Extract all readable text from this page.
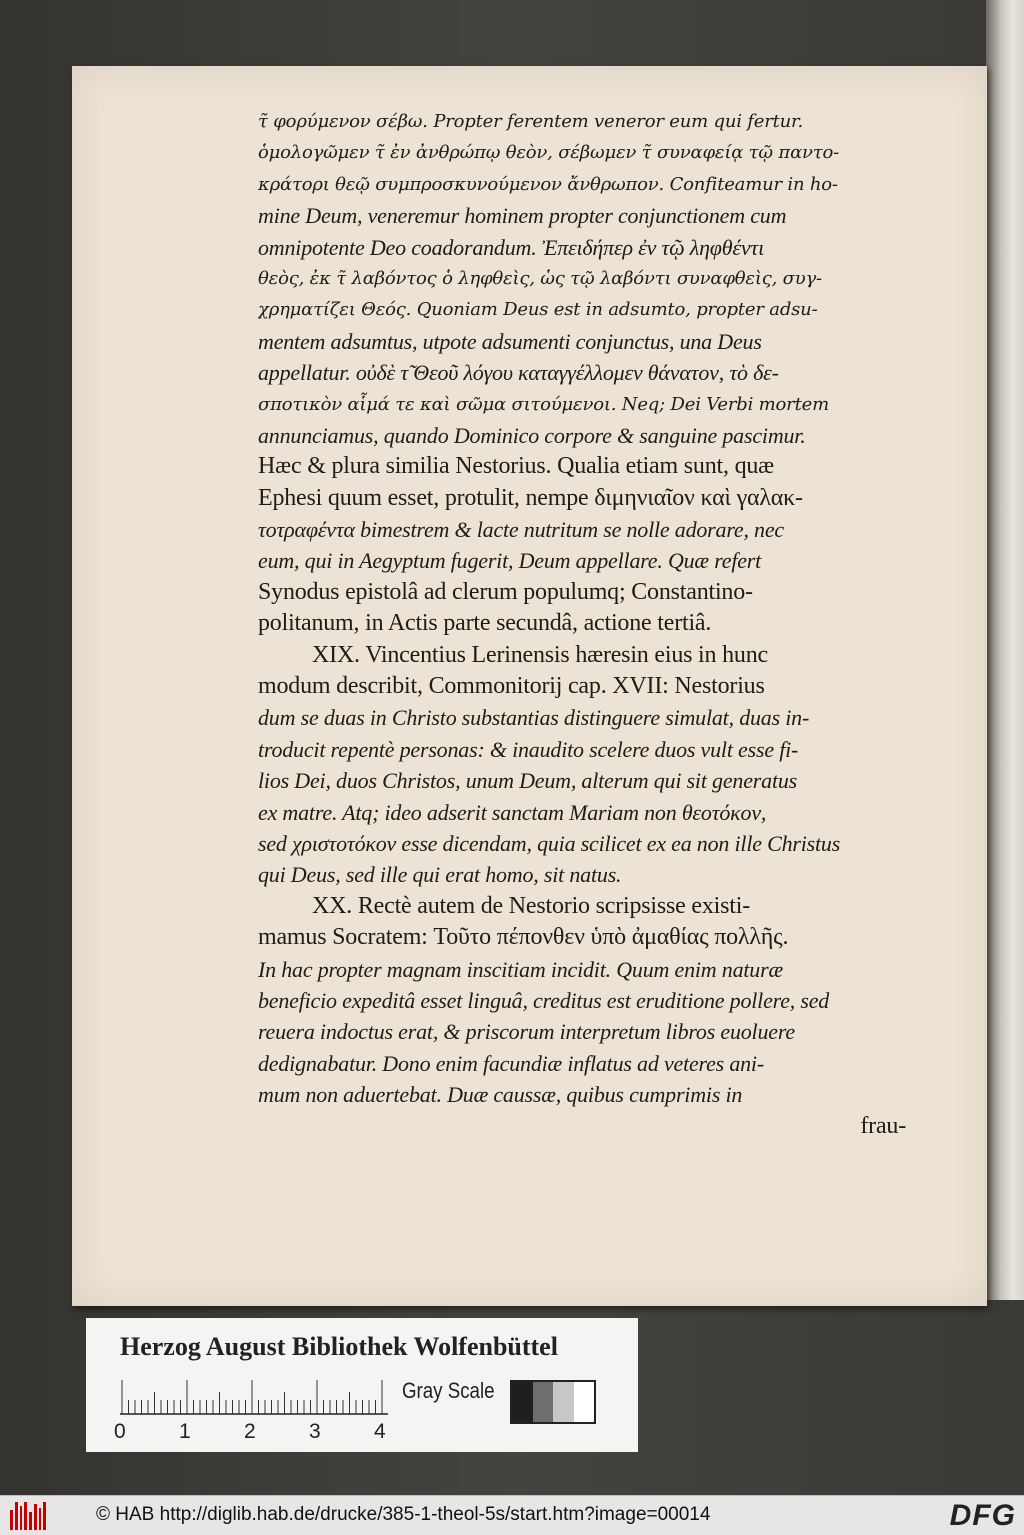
τ̃ φορύμενον σέβω. Propter ferentem veneror eum qui fertur.
ὁμολογῶμεν τ̃ ἐν ἀνθρώπῳ θεὸν, σέβωμεν τ̃ συναφείᾳ τῷ παντο-
κράτορι θεῷ συμπροσκυνούμενον ἄνθρωπον. Confiteamur in ho-
mine Deum, veneremur hominem propter conjunctionem cum
omnipotente Deo coadorandum. Ἐπειδήπερ ἐν τῷ ληφθέντι
θεὸς, ἐκ τ̃ λαβόντος ὁ ληφθεὶς, ὡς τῷ λαβόντι συναφθεὶς, συγ-
χρηματίζει Θεός. Quoniam Deus est in adsumto, propter adsu-
mentem adsumtus, utpote adsumenti conjunctus, una Deus
appellatur. οὐδὲ τ̃ Θεοῦ λόγου καταγγέλλομεν θάνατον, τὸ δε-
σποτικὸν αἷμά τε καὶ σῶμα σιτούμενοι. Neq; Dei Verbi mortem
annunciamus, quando Dominico corpore & sanguine pascimur.
Hæc & plura similia Nestorius. Qualia etiam sunt, quæ
Ephesi quum esset, protulit, nempe διμηνιαῖον καὶ γαλακ-
τοτραφέντα bimestrem & lacte nutritum se nolle adorare, nec
eum, qui in Aegyptum fugerit, Deum appellare. Quæ refert
Synodus epistolâ ad clerum populumq; Constantino-
politanum, in Actis parte secundâ, actione tertiâ.
XIX. Vincentius Lerinensis hæresin eius in hunc
modum describit, Commonitorij cap. XVII: Nestorius
dum se duas in Christo substantias distinguere simulat, duas in-
troducit repentè personas: & inaudito scelere duos vult esse fi-
lios Dei, duos Christos, unum Deum, alterum qui sit generatus
ex matre. Atq; ideo adserit sanctam Mariam non θεοτόκον,
sed χριστοτόκον esse dicendam, quia scilicet ex ea non ille Christus
qui Deus, sed ille qui erat homo, sit natus.
XX. Rectè autem de Nestorio scripsisse existi-
mamus Socratem: Τοῦτο πέπονθεν ὑπὸ ἀμαθίας πολλῆς.
In hac propter magnam inscitiam incidit. Quum enim naturæ
beneficio expeditâ esset linguâ, creditus est eruditione pollere, sed
reuera indoctus erat, & priscorum interpretum libros euoluere
dedignabatur. Dono enim facundiæ inflatus ad veteres ani-
mum non aduertebat. Duæ caussæ, quibus cumprimis in
frau-
Herzog August Bibliothek Wolfenbüttel
0	1	2	3	4
Gray Scale
© HAB http://diglib.hab.de/drucke/385-1-theol-5s/start.htm?image=00014	DFG
